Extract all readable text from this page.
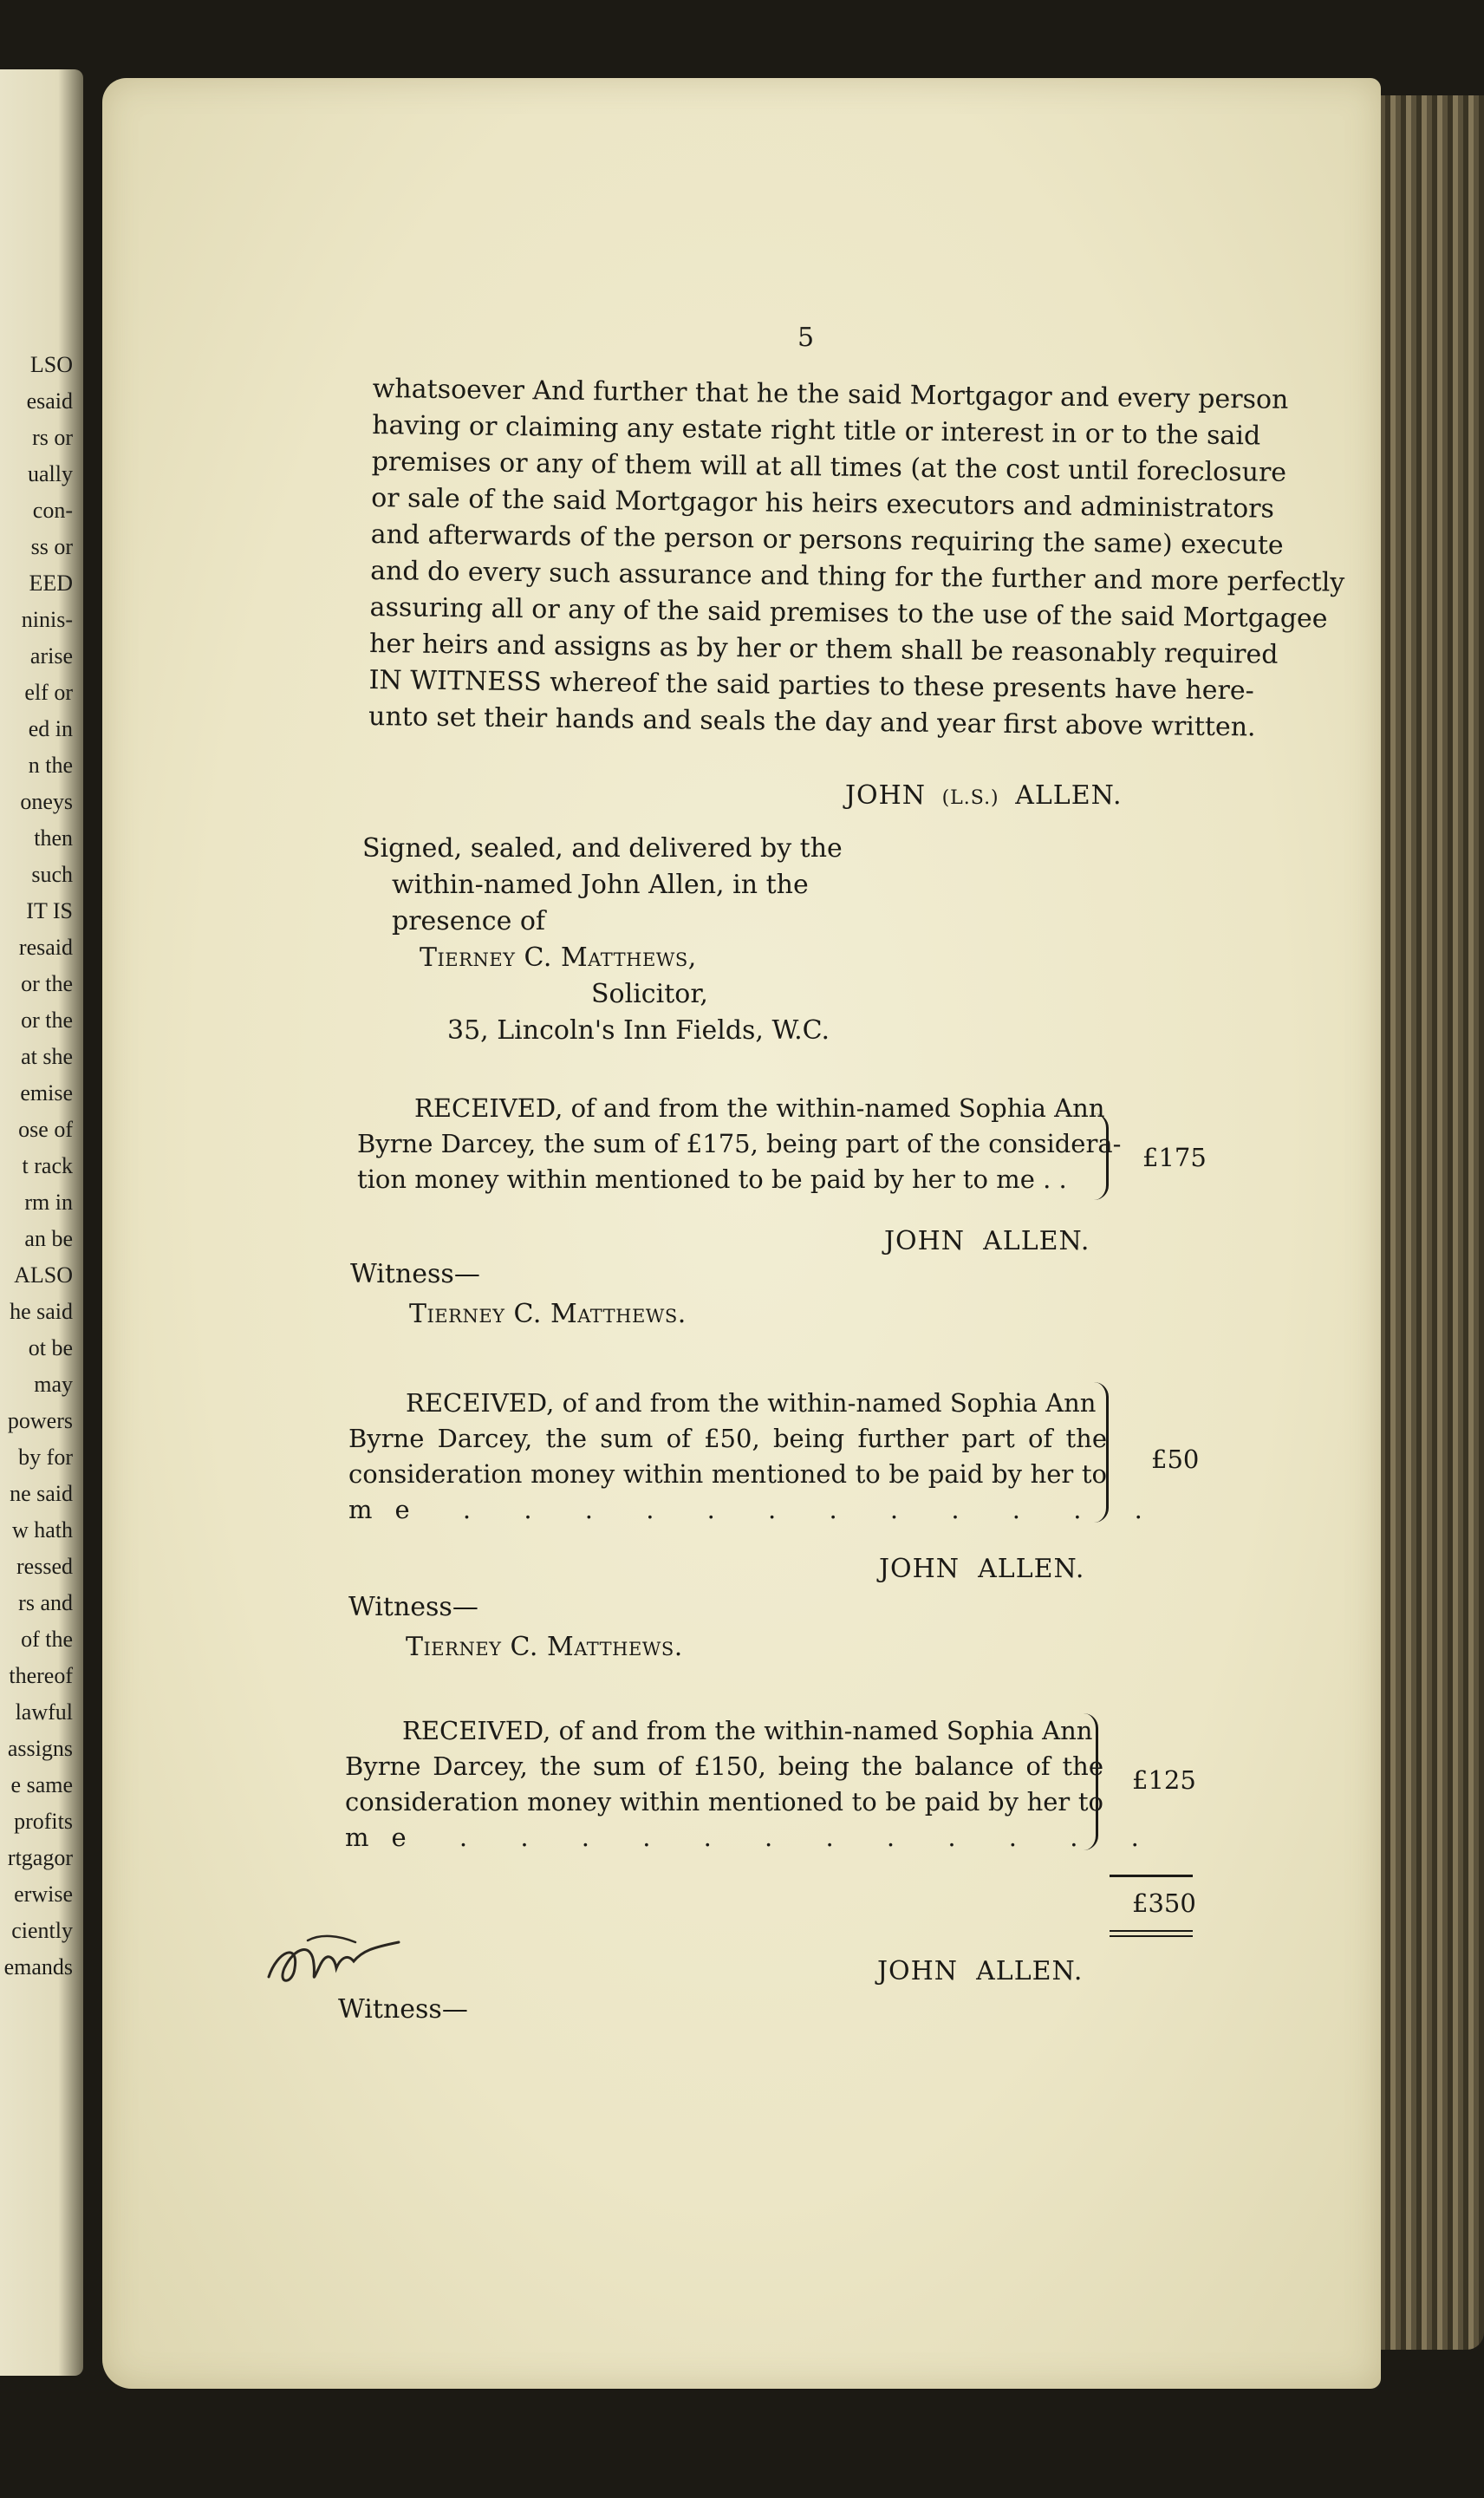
LSO
esaid
rs or
ually
con-
ss or
EED
ninis-
arise
elf or
ed in
n the
oneys
then
such
IT IS
resaid
or the
or the
at she
emise
ose of
t rack
rm in
an be
ALSO
he said
ot be
may
powers
by for
ne said
w hath
ressed
rs and
of the
thereof
lawful
assigns
e same
profits
rtgagor
erwise
ciently
emands
5
whatsoever And further that he the said Mortgagor and every person
having or claiming any estate right title or interest in or to the said
premises or any of them will at all times (at the cost until foreclosure
or sale of the said Mortgagor his heirs executors and administrators
and afterwards of the person or persons requiring the same) execute
and do every such assurance and thing for the further and more perfectly
assuring all or any of the said premises to the use of the said Mortgagee
her heirs and assigns as by her or them shall be reasonably required
IN WITNESS whereof the said parties to these presents have here-
unto set their hands and seals the day and year first above written.
JOHN (L.S.) ALLEN.
Signed, sealed, and delivered by the
within-named John Allen, in the
presence of
Tierney C. Matthews,
Solicitor,
35, Lincoln's Inn Fields, W.C.
RECEIVED, of and from the within-named Sophia Ann
Byrne Darcey, the sum of £175, being part of the considera-
tion money within mentioned to be paid by her to me . .
£175
JOHN  ALLEN.
Witness—
Tierney C. Matthews.
RECEIVED, of and from the within-named Sophia Ann
Byrne Darcey, the sum of £50, being further part of the
consideration money within mentioned to be paid by her to
me . . . . . . . . . . . .
£50
JOHN  ALLEN.
Witness—
Tierney C. Matthews.
RECEIVED, of and from the within-named Sophia Ann
Byrne Darcey, the sum of £150, being the balance of the
consideration money within mentioned to be paid by her to
me . . . . . . . . . . . .
£125
£350
JOHN  ALLEN.
Witness—
